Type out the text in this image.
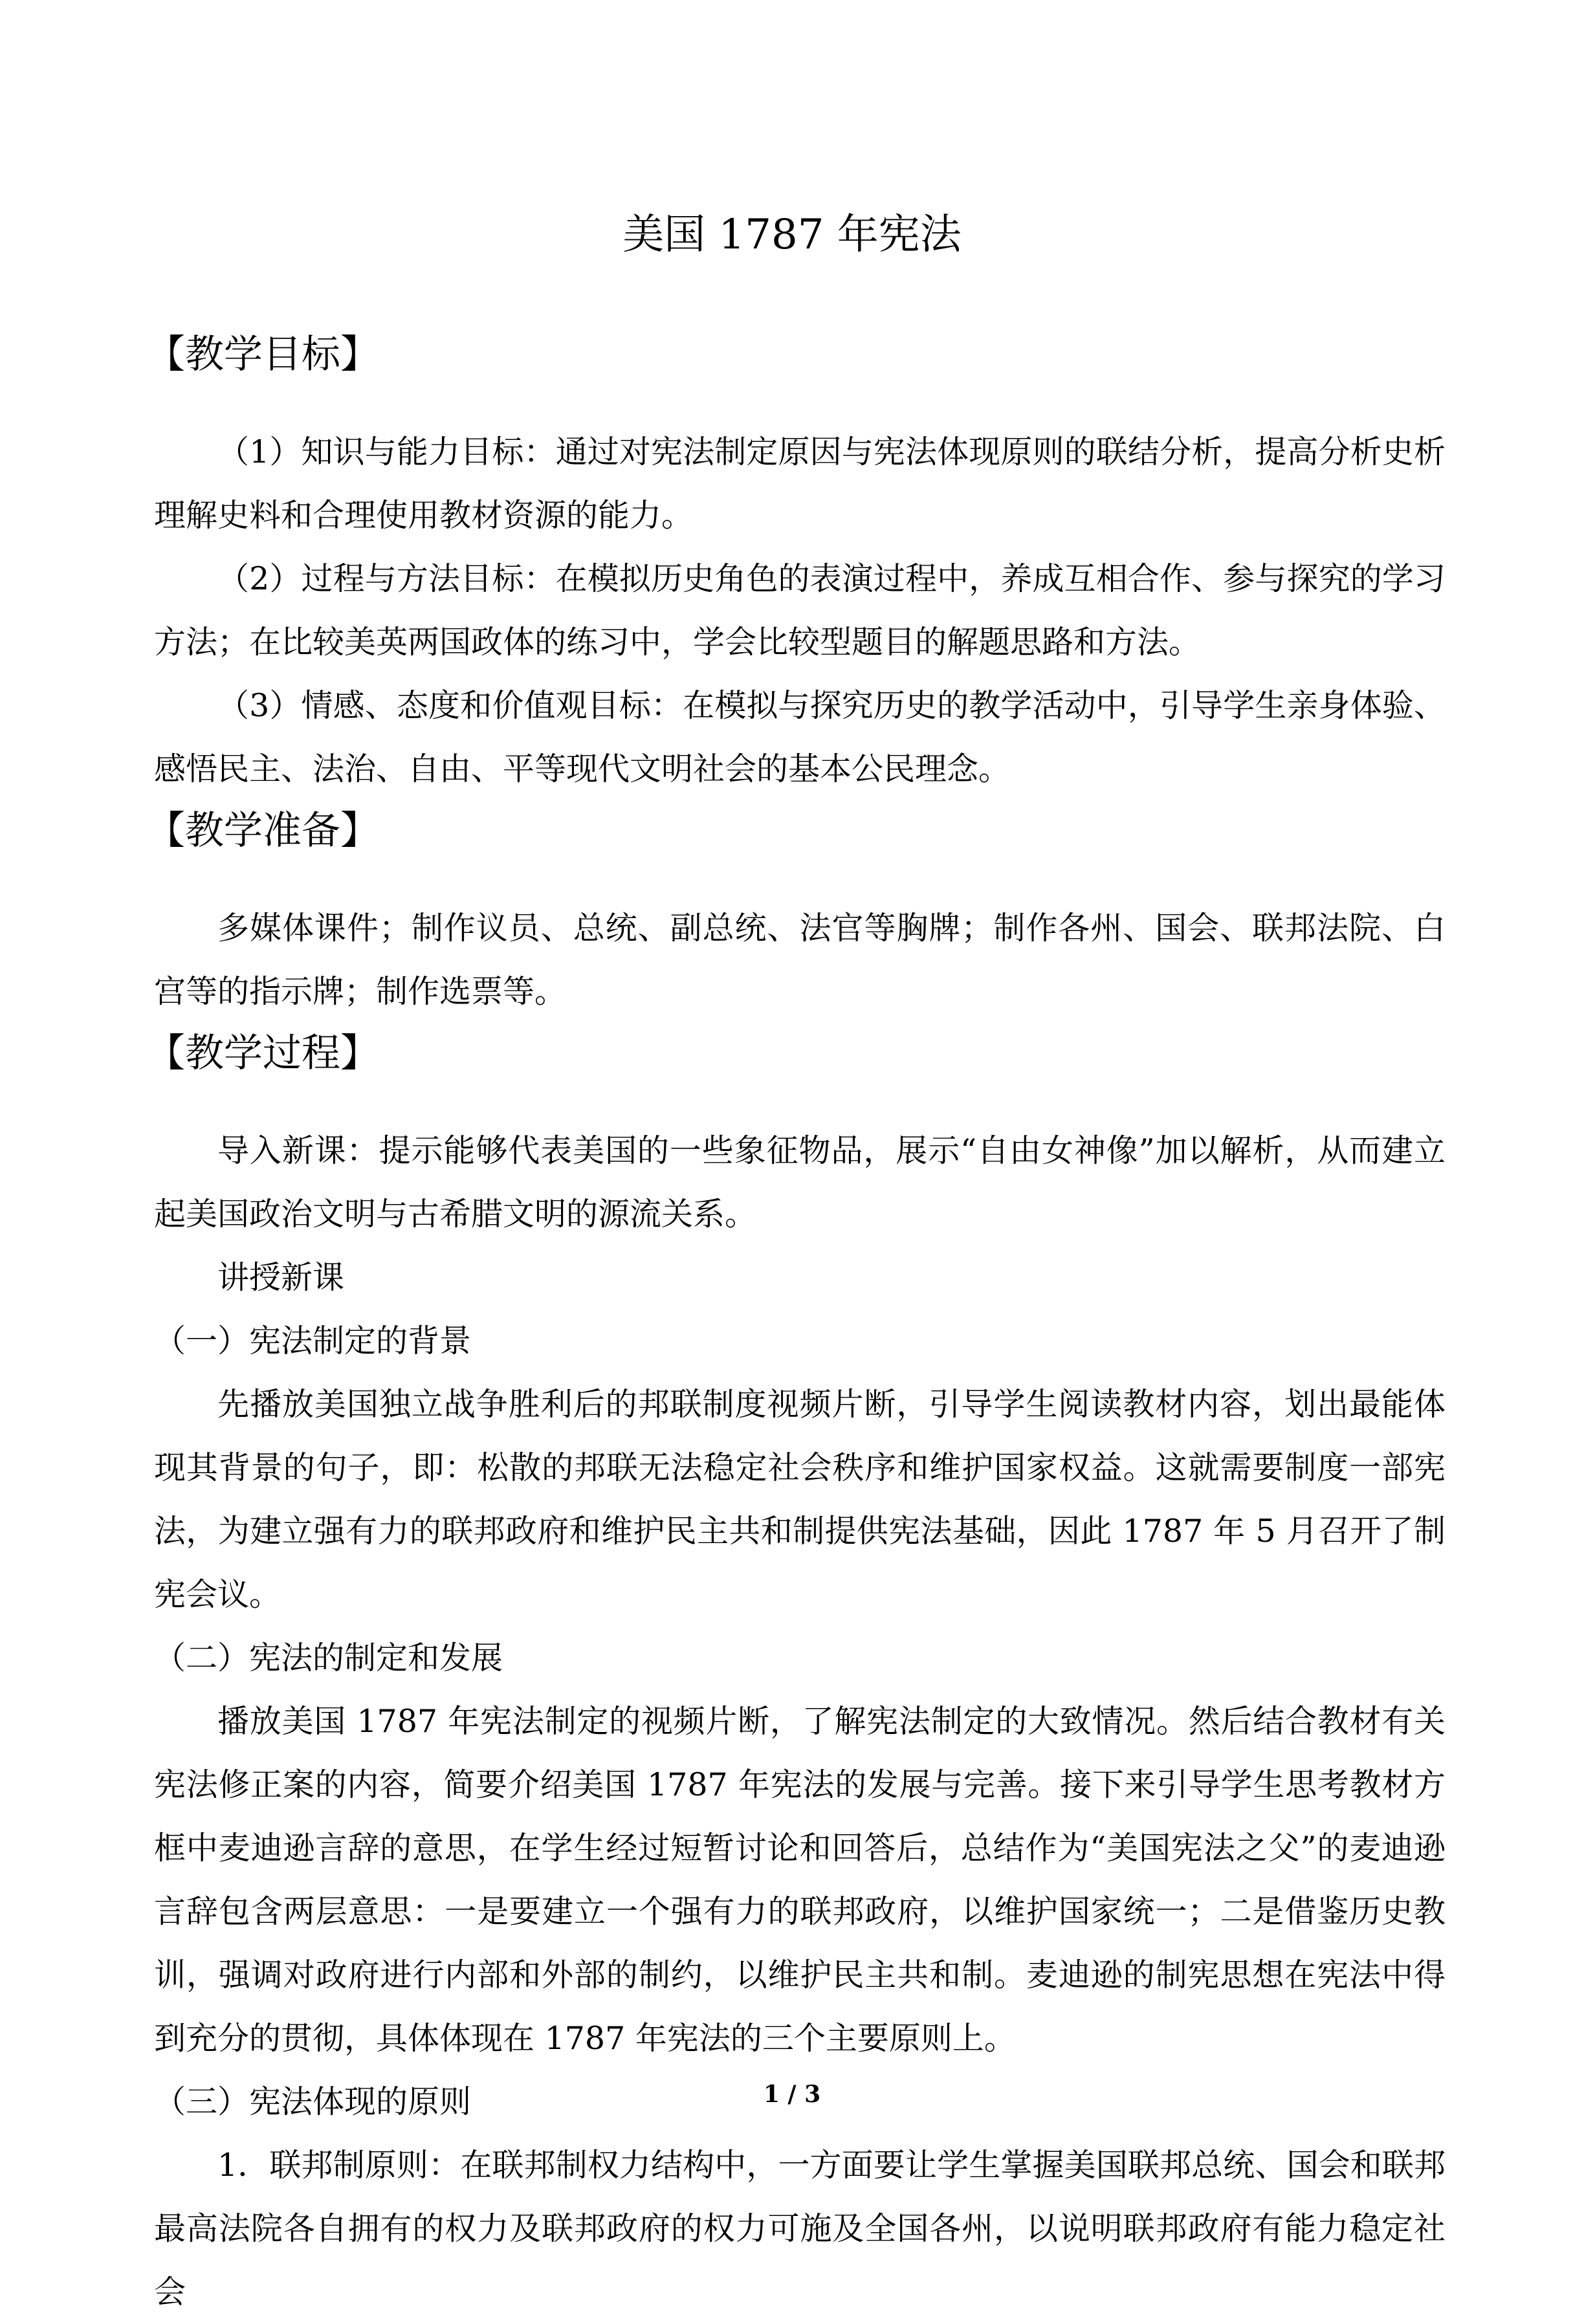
美国 1787 年宪法
【教学目标】

（1）知识与能力目标：通过对宪法制定原因与宪法体现原则的联结分析，提高分析史析理解史料和合理使用教材资源的能力。

（2）过程与方法目标：在模拟历史角色的表演过程中，养成互相合作、参与探究的学习方法；在比较美英两国政体的练习中，学会比较型题目的解题思路和方法。

（3）情感、态度和价值观目标：在模拟与探究历史的教学活动中，引导学生亲身体验、感悟民主、法治、自由、平等现代文明社会的基本公民理念。

【教学准备】

多媒体课件；制作议员、总统、副总统、法官等胸牌；制作各州、国会、联邦法院、白宫等的指示牌；制作选票等。

【教学过程】

导入新课：提示能够代表美国的一些象征物品，展示“自由女神像”加以解析，从而建立起美国政治文明与古希腊文明的源流关系。

讲授新课

（一）宪法制定的背景

先播放美国独立战争胜利后的邦联制度视频片断，引导学生阅读教材内容，划出最能体现其背景的句子，即：松散的邦联无法稳定社会秩序和维护国家权益。这就需要制度一部宪法，为建立强有力的联邦政府和维护民主共和制提供宪法基础，因此 1787 年 5 月召开了制宪会议。

（二）宪法的制定和发展

播放美国 1787 年宪法制定的视频片断，了解宪法制定的大致情况。然后结合教材有关宪法修正案的内容，简要介绍美国 1787 年宪法的发展与完善。接下来引导学生思考教材方框中麦迪逊言辞的意思，在学生经过短暂讨论和回答后，总结作为“美国宪法之父”的麦迪逊言辞包含两层意思：一是要建立一个强有力的联邦政府，以维护国家统一；二是借鉴历史教训，强调对政府进行内部和外部的制约，以维护民主共和制。麦迪逊的制宪思想在宪法中得到充分的贯彻，具体体现在 1787 年宪法的三个主要原则上。

（三）宪法体现的原则

1．联邦制原则：在联邦制权力结构中，一方面要让学生掌握美国联邦总统、国会和联邦最高法院各自拥有的权力及联邦政府的权力可施及全国各州，以说明联邦政府有能力稳定社会

1 / 3
